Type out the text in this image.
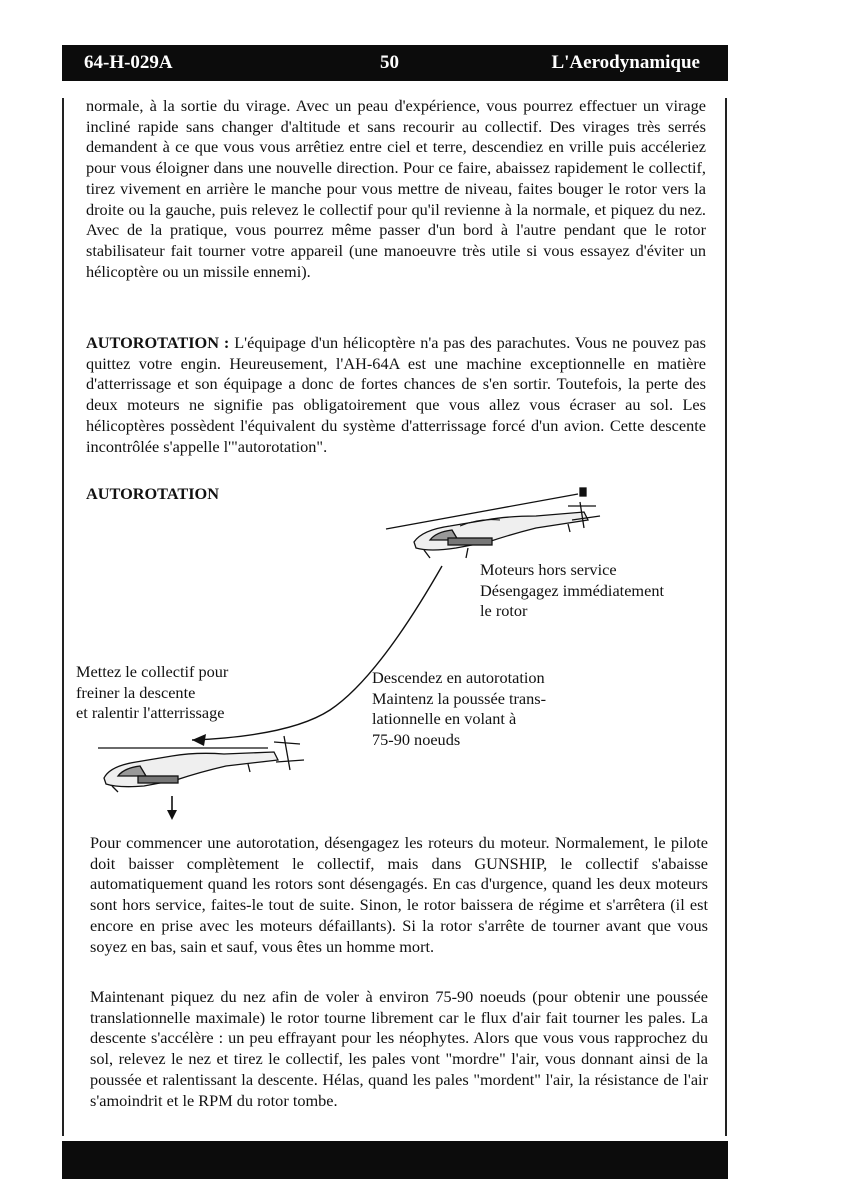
64-H-029A	50	L'Aerodynamique

normale, à la sortie du virage. Avec un peau d'expérience, vous pourrez effectuer un virage incliné rapide sans changer d'altitude et sans recourir au collectif. Des virages très serrés demandent à ce que vous vous arrêtiez entre ciel et terre, descendiez en vrille puis accéleriez pour vous éloigner dans une nouvelle direction. Pour ce faire, abaissez rapidement le collectif, tirez vivement en arrière le manche pour vous mettre de niveau, faites bouger le rotor vers la droite ou la gauche, puis relevez le collectif pour qu'il revienne à la normale, et piquez du nez. Avec de la pratique, vous pourrez même passer d'un bord à l'autre pendant que le rotor stabilisateur fait tourner votre appareil (une manoeuvre très utile si vous essayez d'éviter un hélicoptère ou un missile ennemi).

AUTOROTATION : L'équipage d'un hélicoptère n'a pas des parachutes. Vous ne pouvez pas quittez votre engin. Heureusement, l'AH-64A est une machine exceptionnelle en matière d'atterrissage et son équipage a donc de fortes chances de s'en sortir. Toutefois, la perte des deux moteurs ne signifie pas obligatoirement que vous allez vous écraser au sol. Les hélicoptères possèdent l'équivalent du système d'atterrissage forcé d'un avion. Cette descente incontrôlée s'appelle l'"autorotation".

AUTOROTATION

Moteurs hors service
Désengagez immédiatement
le rotor

Mettez le collectif pour
freiner la descente
et ralentir l'atterrissage

Descendez en autorotation
Maintenz la poussée trans-
lationnelle en volant à
75-90 noeuds

Pour commencer une autorotation, désengagez les roteurs du moteur. Normalement, le pilote doit baisser complètement le collectif, mais dans GUNSHIP, le collectif s'abaisse automatiquement quand les rotors sont désengagés. En cas d'urgence, quand les deux moteurs sont hors service, faites-le tout de suite. Sinon, le rotor baissera de régime et s'arrêtera (il est encore en prise avec les moteurs défaillants). Si la rotor s'arrête de tourner avant que vous soyez en bas, sain et sauf, vous êtes un homme mort.

Maintenant piquez du nez afin de voler à environ 75-90 noeuds (pour obtenir une poussée translationnelle maximale) le rotor tourne librement car le flux d'air fait tourner les pales. La descente s'accélère : un peu effrayant pour les néophytes. Alors que vous vous rapprochez du sol, relevez le nez et tirez le collectif, les pales vont "mordre" l'air, vous donnant ainsi de la poussée et ralentissant la descente. Hélas, quand les pales "mordent" l'air, la résistance de l'air s'amoindrit et le RPM du rotor tombe.
